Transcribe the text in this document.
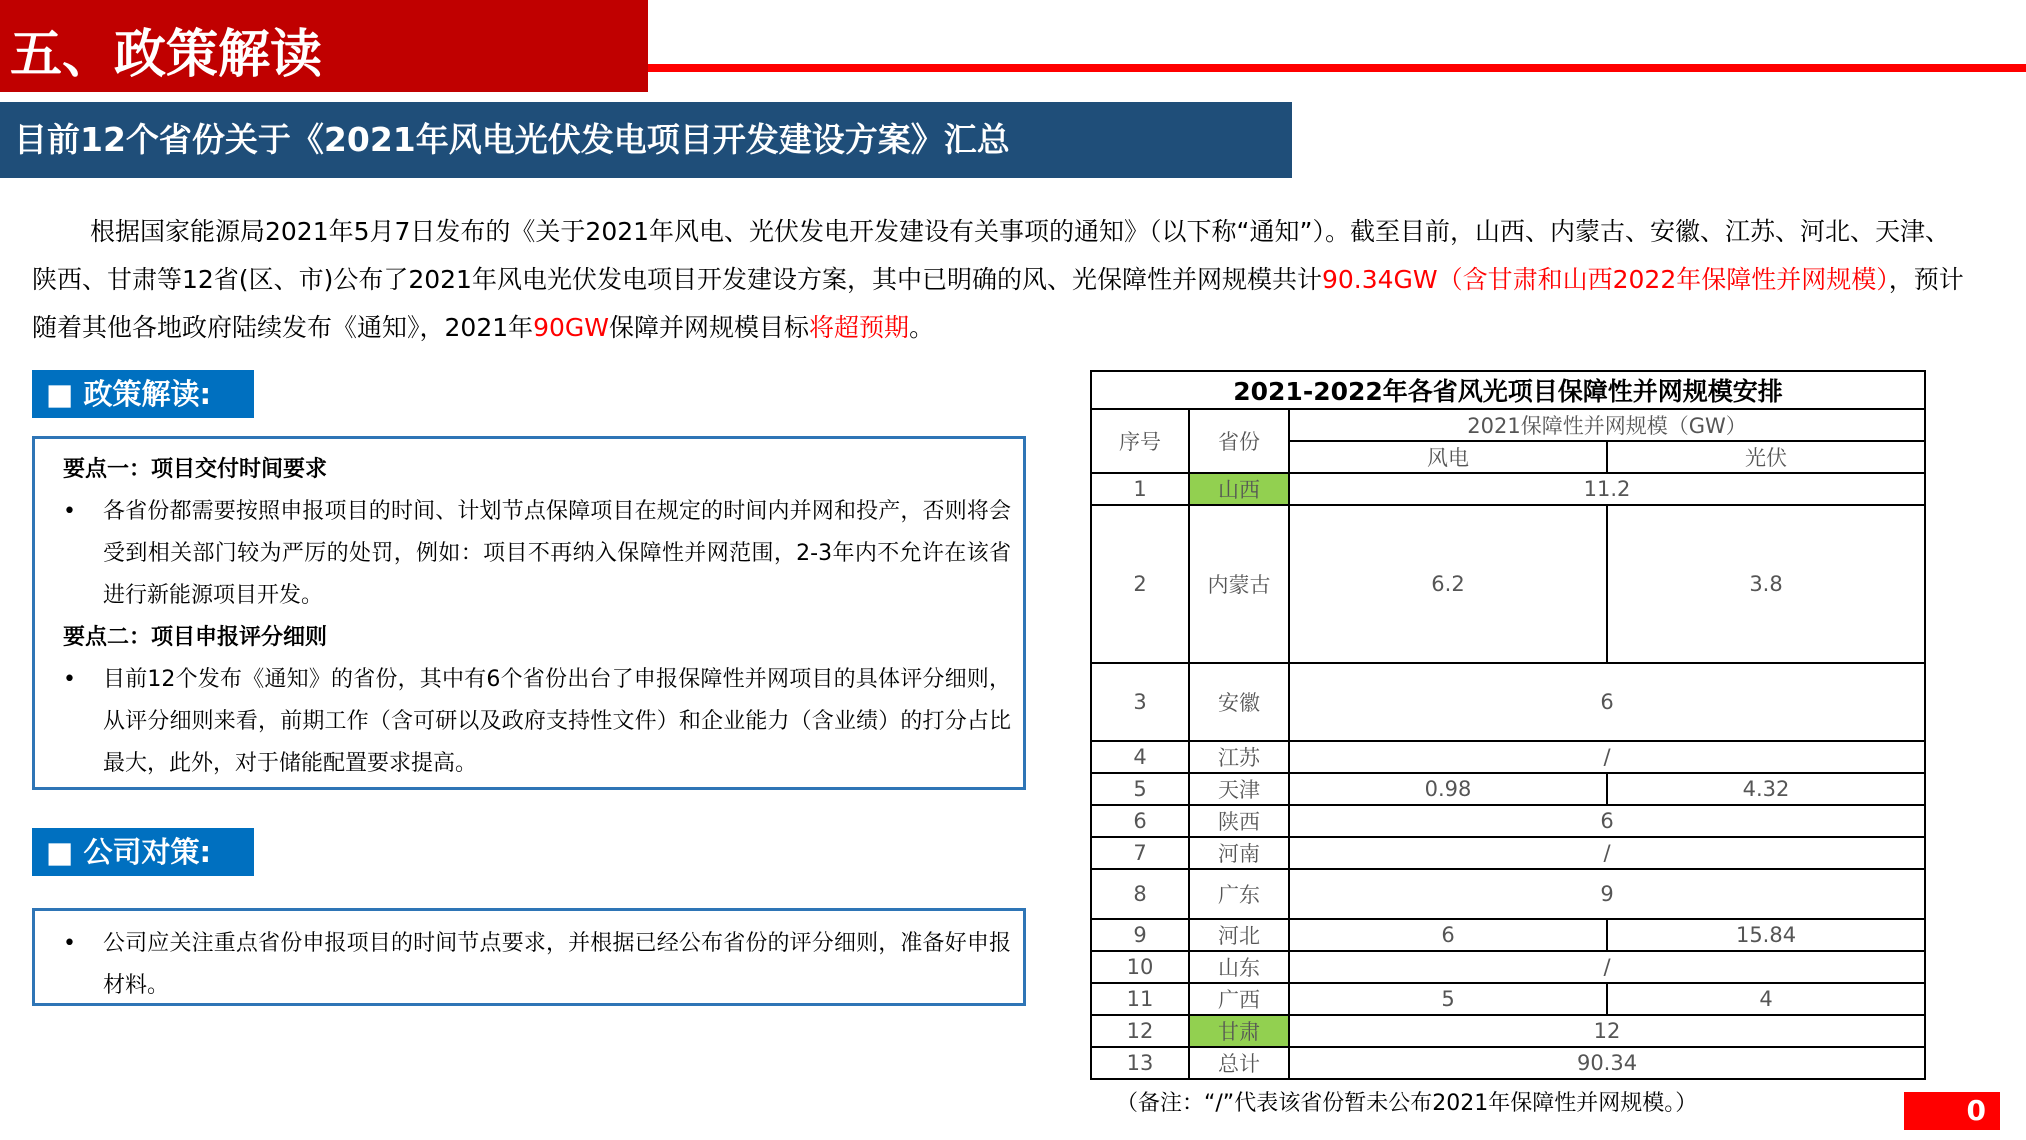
五、政策解读
目前12个省份关于《2021年风电光伏发电项目开发建设方案》汇总
根据国家能源局2021年5月7日发布的《关于2021年风电、光伏发电开发建设有关事项的通知》（以下称“通知”）。截至目前，山西、内蒙古、安徽、江苏、河北、天津、陕西、甘肃等12省(区、市)公布了2021年风电光伏发电项目开发建设方案，其中已明确的风、光保障性并网规模共计90.34GW（含甘肃和山西2022年保障性并网规模），预计随着其他各地政府陆续发布《通知》，2021年90GW保障并网规模目标将超预期。
■ 政策解读:
要点一：项目交付时间要求
• 各省份都需要按照申报项目的时间、计划节点保障项目在规定的时间内并网和投产，否则将会受到相关部门较为严厉的处罚，例如：项目不再纳入保障性并网范围，2-3年内不允许在该省进行新能源项目开发。
要点二：项目申报评分细则
• 目前12个发布《通知》的省份，其中有6个省份出台了申报保障性并网项目的具体评分细则，从评分细则来看，前期工作（含可研以及政府支持性文件）和企业能力（含业绩）的打分占比最大，此外，对于储能配置要求提高。
■ 公司对策:
• 公司应关注重点省份申报项目的时间节点要求，并根据已经公布省份的评分细则，准备好申报材料。
2021-2022年各省风光项目保障性并网规模安排			
序号	省份	2021保障性并网规模（GW）	
		风电	光伏
1	山西	11.2	
2	内蒙古	6.2	3.8
3	安徽	6	
4	江苏	/	
5	天津	0.98	4.32
6	陕西	6	
7	河南	/	
8	广东	9	
9	河北	6	15.84
10	山东	/	
11	广西	5	4
12	甘肃	12	
13	总计	90.34	
（备注：“/”代表该省份暂未公布2021年保障性并网规模。）	0
